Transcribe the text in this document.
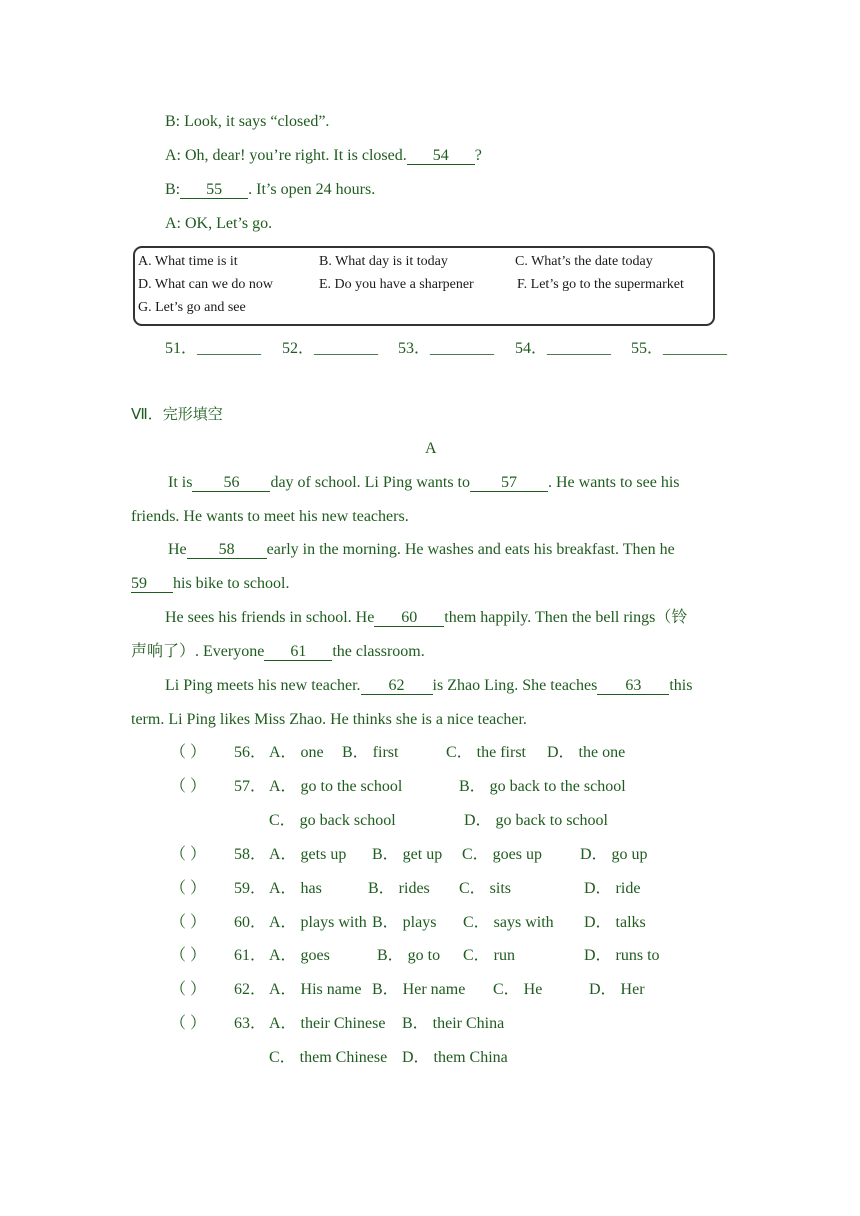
B: Look, it says “closed”.
A: Oh, dear! you’re right. It is closed. 54 ?
B: 55 . It’s open 24 hours.
A: OK, Let’s go.
A. What time is it	B. What day is it today	C. What’s the date today
D. What can we do now	E. Do you have a sharpener	F. Let’s go to the supermarket
G. Let’s go and see
51．________ 52．________ 53．________ 54．________ 55．________
Ⅶ．完形填空
A
It is 56 day of school. Li Ping wants to 57 . He wants to see his
friends. He wants to meet his new teachers.
He 58 early in the morning. He washes and eats his breakfast. Then he
59 his bike to school.
He sees his friends in school. He 60 them happily. Then the bell rings（铃
声响了）. Everyone 61 the classroom.
Li Ping meets his new teacher. 62 is Zhao Ling. She teaches 63 this
term. Li Ping likes Miss Zhao. He thinks she is a nice teacher.
（ ） 56． A． one B． first	C． the first D． the one
（ ） 57． A． go to the school	B． go back to the school
C． go back school	D． go back to school
（ ） 58． A． gets up B． get up C． goes up D． go up
（ ） 59． A． has	B． rides C． sits	D． ride
（ ） 60． A． plays with B． plays C． says with D． talks
（ ） 61． A． goes	B． go to C． run	D． runs to
（ ） 62． A． His name B． Her name C． He	D． Her
（ ） 63． A． their Chinese B． their China
C． them Chinese D． them China
